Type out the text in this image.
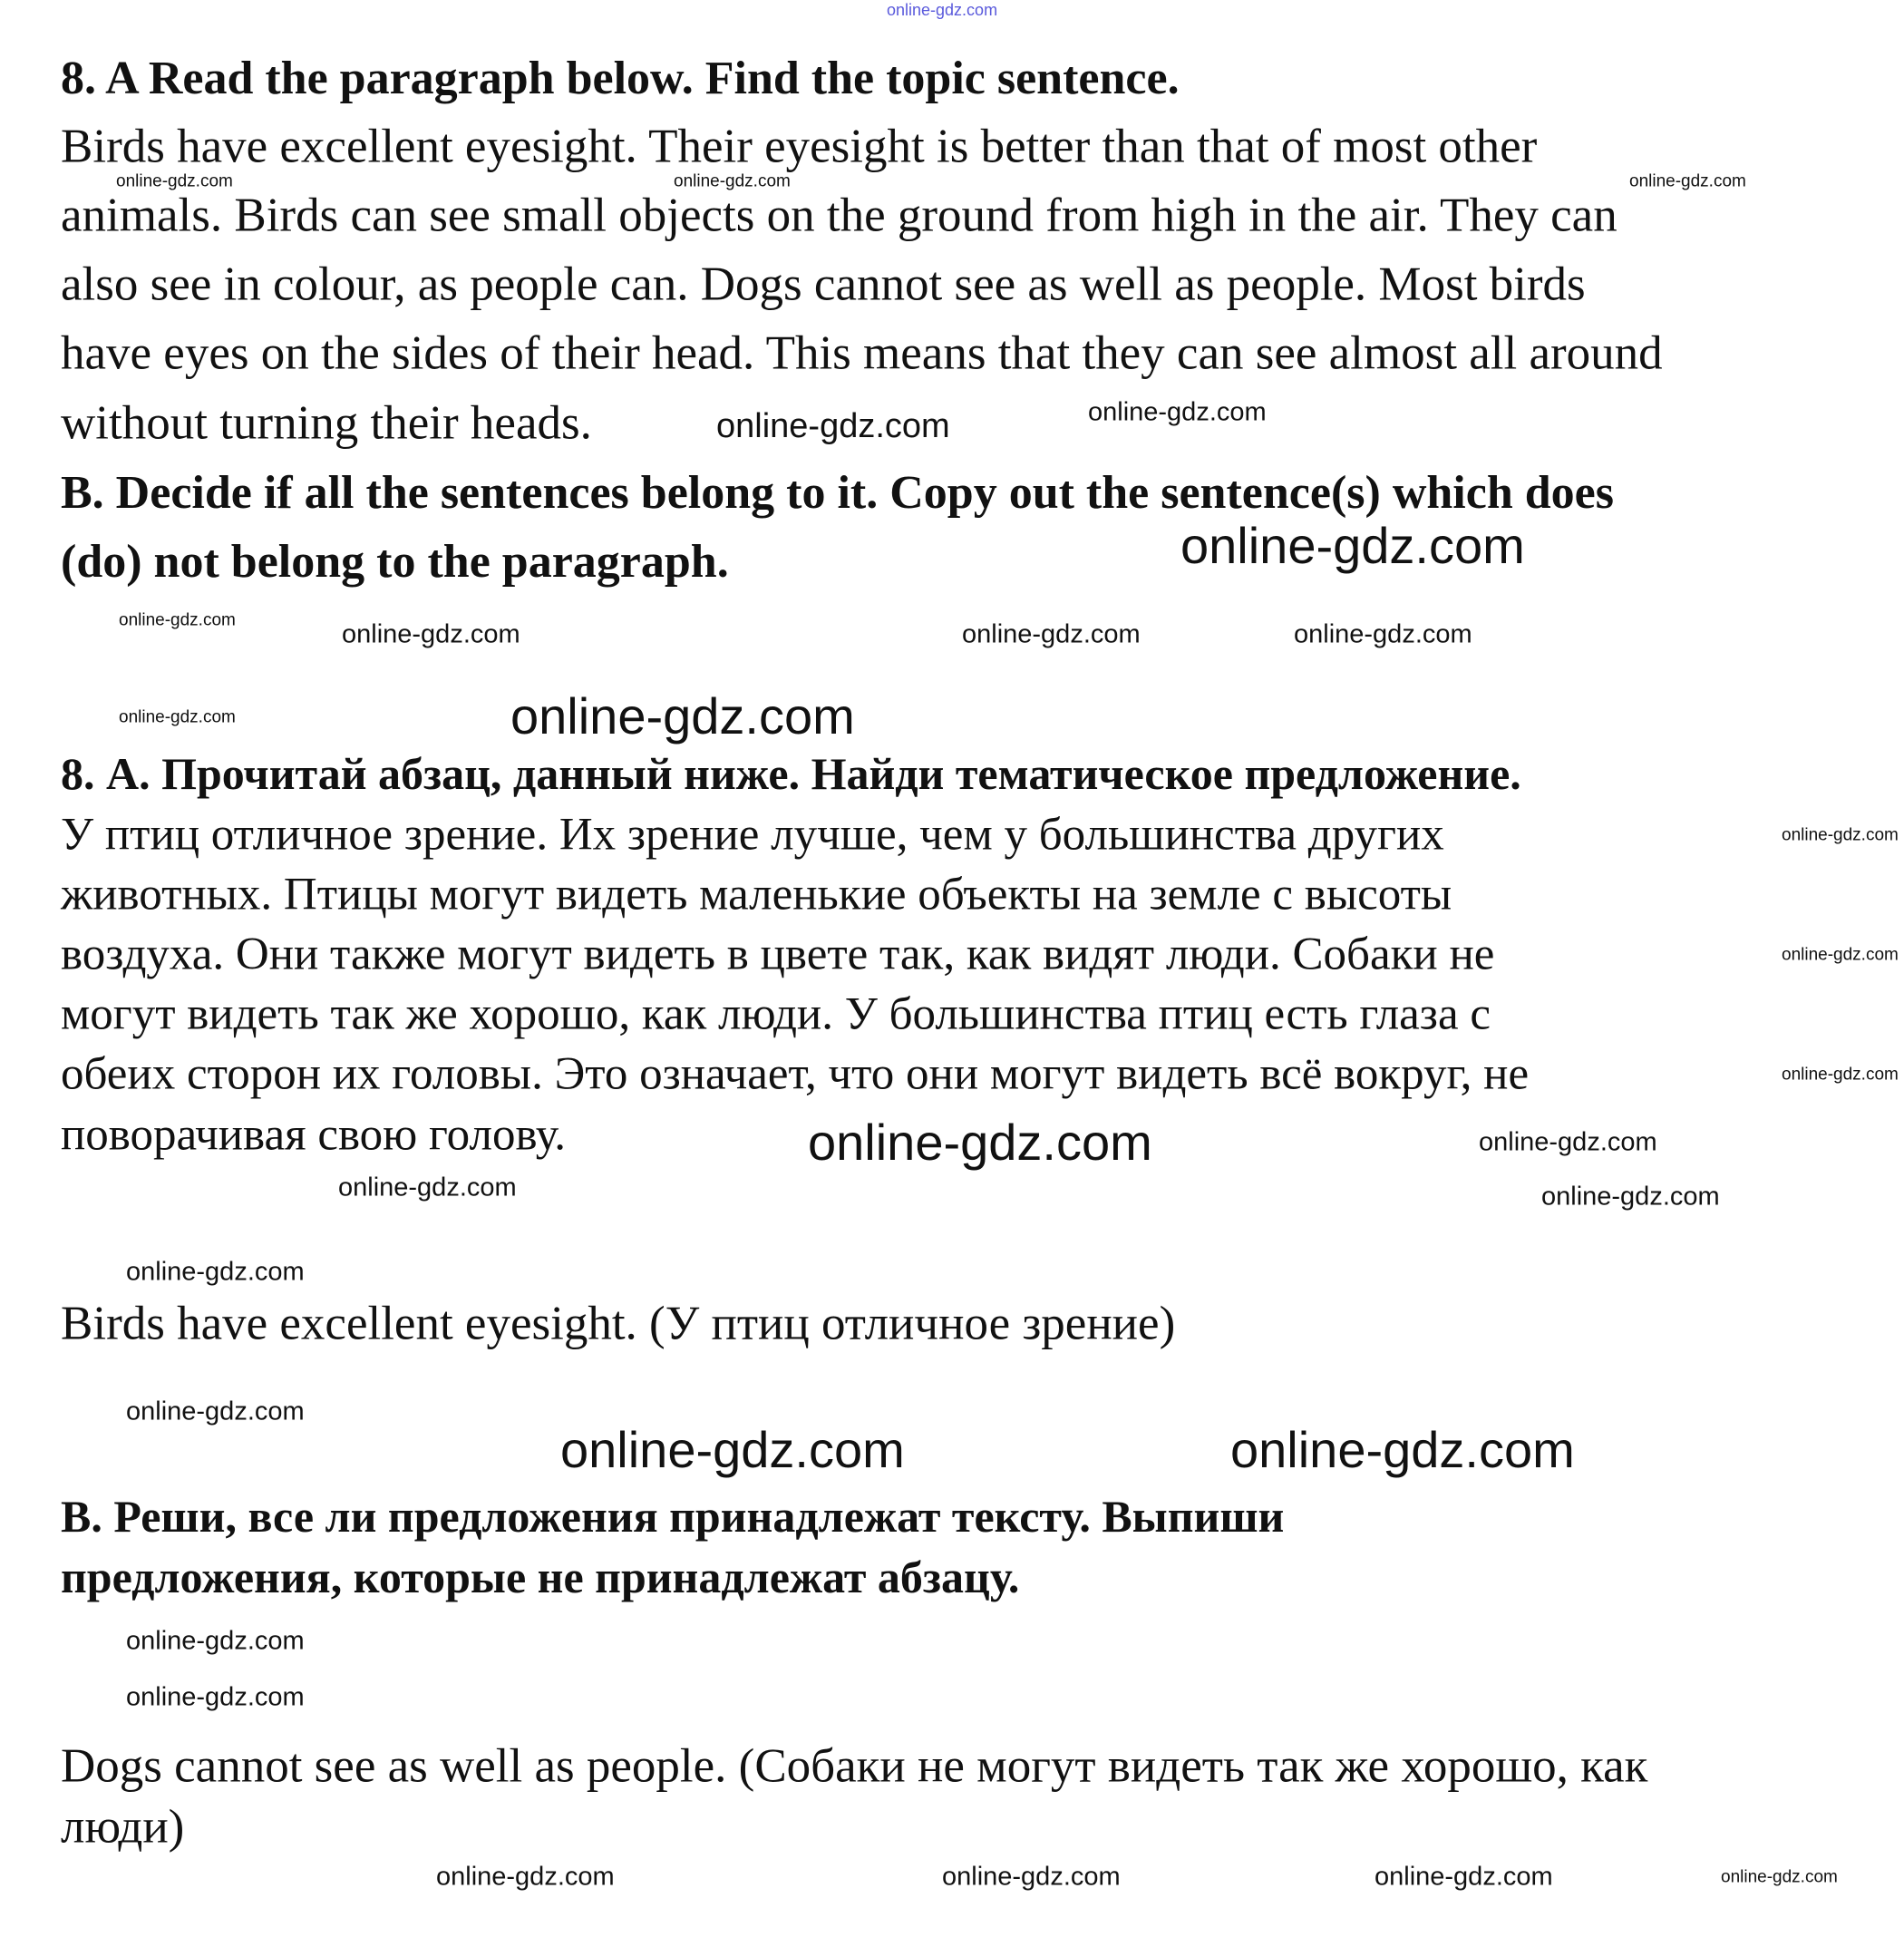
8. A Read the paragraph below. Find the topic sentence.
Birds have excellent eyesight. Their eyesight is better than that of most other
animals. Birds can see small objects on the ground from high in the air. They can
also see in colour, as people can. Dogs cannot see as well as people. Most birds
have eyes on the sides of their head. This means that they can see almost all around
without turning their heads.
B. Decide if all the sentences belong to it. Copy out the sentence(s) which does
(do) not belong to the paragraph.
8. А. Прочитай абзац, данный ниже. Найди тематическое предложение.
У птиц отличное зрение. Их зрение лучше, чем у большинства других
животных. Птицы могут видеть маленькие объекты на земле с высоты
воздуха. Они также могут видеть в цвете так, как видят люди. Собаки не
могут видеть так же хорошо, как люди. У большинства птиц есть глаза с
обеих сторон их головы. Это означает, что они могут видеть всё вокруг, не
поворачивая свою голову.
Birds have excellent eyesight. (У птиц отличное зрение)
В. Реши, все ли предложения принадлежат тексту. Выпиши
предложения, которые не принадлежат абзацу.
Dogs cannot see as well as people. (Собаки не могут видеть так же хорошо, как
люди)
online-gdz.com
online-gdz.com	online-gdz.com	online-gdz.com
online-gdz.com
online-gdz.com
online-gdz.com
online-gdz.com
online-gdz.com
online-gdz.com
online-gdz.com	online-gdz.com	online-gdz.com
online-gdz.com
online-gdz.com
online-gdz.com
online-gdz.com
online-gdz.com
online-gdz.com
online-gdz.com
online-gdz.com
online-gdz.com
online-gdz.com	online-gdz.com	online-gdz.com
online-gdz.com
online-gdz.com
online-gdz.com
online-gdz.com	online-gdz.com
